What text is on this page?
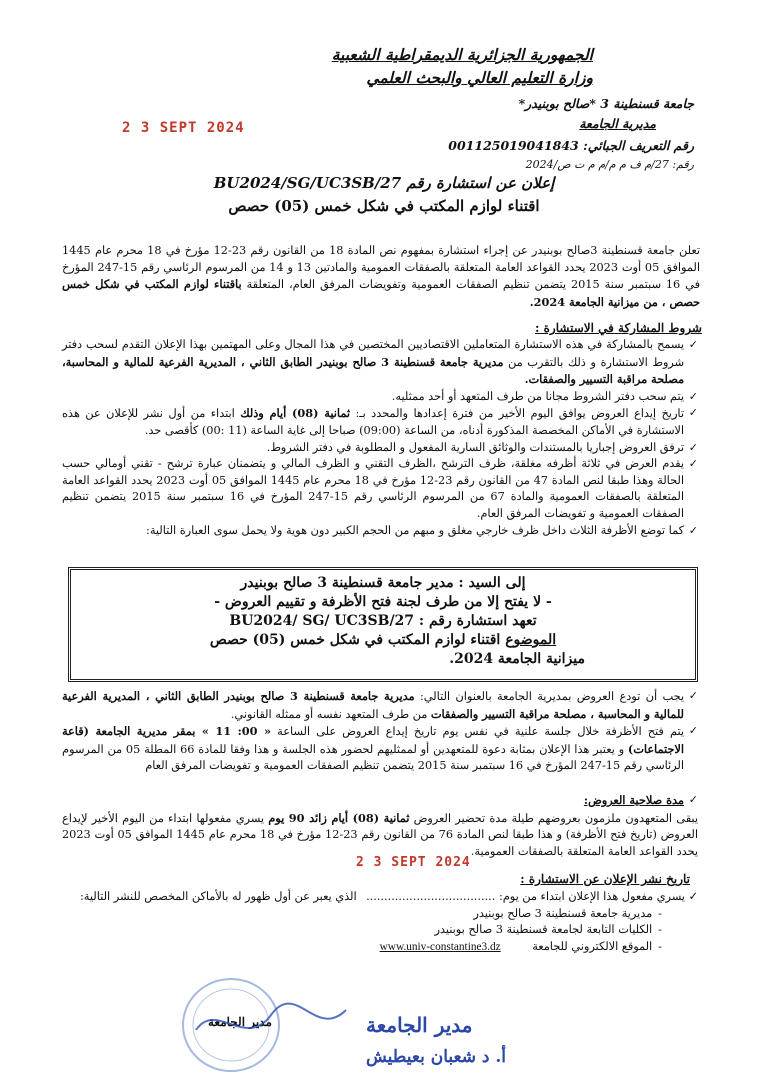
الجمهورية الجزائرية الديمقراطية الشعبية
وزارة التعليم العالي والبحث العلمي
جامعة قسنطينة 3 *صالح بوبنيدر*
مديرية الجامعة
2 3 SEPT 2024
رقم التعريف الجبائي: 001125019041843
رقم: 27/م ف م م/م م ت ص/2024
إعلان عن استشارة رقم BU2024/SG/UC3SB/27
اقتناء لوازم المكتب في شكل خمس (05) حصص
تعلن جامعة قسنطينة 3صالح بوبنيدر عن إجراء استشارة بمفهوم نص المادة 18 من القانون رقم 23-12 مؤرخ في 18 محرم عام 1445 الموافق 05 أوت 2023 يحدد القواعد العامة المتعلقة بالصفقات العمومية والمادتين 13 و 14 من المرسوم الرئاسي رقم 15-247 المؤرخ في 16 سبتمبر سنة 2015 يتضمن تنظيم الصفقات العمومية وتفويضات المرفق العام، المتعلقة باقتناء لوازم المكتب في شكل خمس حصص ، من ميزانية الجامعة 2024.
شروط المشاركة في الاستشارة :
✓ يسمح بالمشاركة في هذه الاستشارة المتعاملين الاقتصاديين المختصين في هذا المجال وعلى المهتمين بهذا الإعلان التقدم لسحب دفتر شروط الاستشارة و ذلك بالتقرب من مديرية جامعة قسنطينة 3 صالح بوبنيدر الطابق الثاني ، المديرية الفرعية للمالية و المحاسبة، مصلحة مراقبة التسيير والصفقات.
✓ يتم سحب دفتر الشروط مجانا من طرف المتعهد أو أحد ممثليه.
✓ تاريخ إيداع العروض يوافق اليوم الأخير من فترة إعدادها والمحدد بـ: ثمانية (08) أيام وذلك ابتداء من أول نشر للإعلان عن هذه الاستشارة في الأماكن المخصصة المذكورة أدناه، من الساعة (09:00) صباحا إلى غاية الساعة (11 :00) كأقصى حد.
✓ ترفق العروض إجباريا بالمستندات والوثائق السارية المفعول و المطلوبة في دفتر الشروط.
✓ يقدم العرض في ثلاثة أظرفه مغلقة، ظرف الترشح ،الظرف التقني و الظرف المالي و يتضمنان عبارة ترشح - تقني أومالي حسب الحالة وهذا طبقا لنص المادة 47 من القانون رقم 23-12 مؤرخ في 18 محرم عام 1445 الموافق 05 أوت 2023 يحدد القواعد العامة المتعلقة بالصفقات العمومية والمادة 67 من المرسوم الرئاسي رقم 15-247 المؤرخ في 16 سبتمبر سنة 2015 يتضمن تنظيم الصفقات العمومية و تفويضات المرفق العام.
✓ كما توضع الأظرفة الثلاث داخل ظرف خارجي مغلق و مبهم من الحجم الكبير دون هوية ولا يحمل سوى العبارة التالية:
إلى السيد : مدير جامعة قسنطينة 3 صالح بوبنيدر
- لا يفتح إلا من طرف لجنة فتح الأظرفة و تقييم العروض -
تعهد استشارة رقم : BU2024/ SG/ UC3SB/27
الموضوع اقتناء لوازم المكتب في شكل خمس (05) حصص
ميزانية الجامعة 2024.
✓ يجب أن تودع العروض بمديرية الجامعة بالعنوان التالي: مديرية جامعة قسنطينة 3 صالح بوبنيدر الطابق الثاني ، المديرية الفرعية للمالية و المحاسبة ، مصلحة مراقبة التسيير والصفقات من طرف المتعهد نفسه أو ممثله القانوني.
✓ يتم فتح الأظرفة خلال جلسة علنية في نفس يوم تاريخ إيداع العروض على الساعة « 00: 11 » بمقر مديرية الجامعة (قاعة الاجتماعات) و يعتبر هذا الإعلان بمثابة دعوة للمتعهدين أو لممثليهم لحضور هذه الجلسة و هذا وفقا للمادة 66 المطلة 05 من المرسوم الرئاسي رقم 15-247 المؤرخ في 16 سبتمبر سنة 2015 يتضمن تنظيم الصفقات العمومية و تفويضات المرفق العام
✓ مدة صلاحية العروض:
يبقى المتعهدون ملزمون بعروضهم طيلة مدة تحضير العروض ثمانية (08) أيام زائد 90 يوم يسري مفعولها ابتداء من اليوم الأخير لإيداع العروض (تاريخ فتح الأظرفة) و هذا طبقا لنص المادة 76 من القانون رقم 23-12 مؤرخ في 18 محرم عام 1445 الموافق 05 أوت 2023 يحدد القواعد العامة المتعلقة بالصفقات العمومية.
2 3 SEPT 2024
تاريخ نشر الإعلان عن الاستشارة :
✓ يسري مفعول هذا الإعلان ابتداء من يوم: ....................................
الذي يعبر عن أول ظهور له بالأماكن المخصص للنشر التالية:
-مديرية جامعة قسنطينة 3 صالح بوبنيدر
-الكليات التابعة لجامعة قسنطينة 3 صالح بوبنيدر
-الموقع الالكتروني للجامعة www.univ-constantine3.dz
مدير الجامعة	مدير الجامعة
أ. د شعبان بعيطيش
